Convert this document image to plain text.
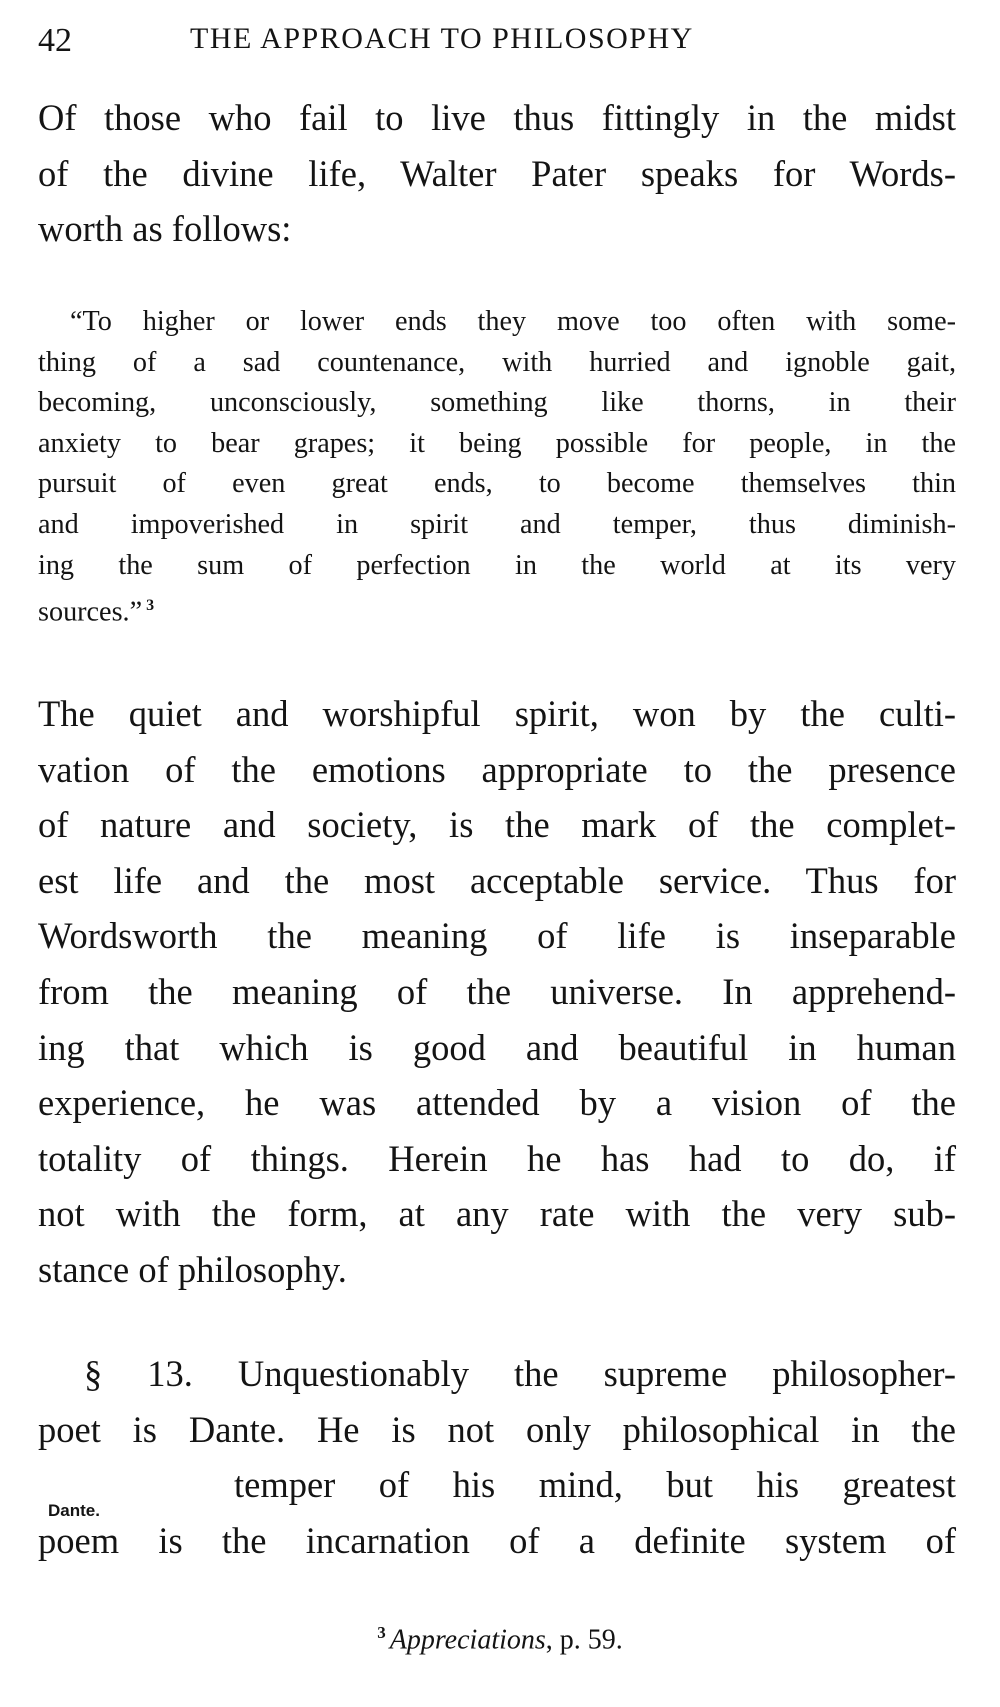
42	THE APPROACH TO PHILOSOPHY
Of those who fail to live thus fittingly in the midst
of the divine life, Walter Pater speaks for Words-
worth as follows:
“To higher or lower ends they move too often with some-
thing of a sad countenance, with hurried and ignoble gait,
becoming, unconsciously, something like thorns, in their
anxiety to bear grapes; it being possible for people, in the
pursuit of even great ends, to become themselves thin
and impoverished in spirit and temper, thus diminish-
ing the sum of perfection in the world at its very
sources.” $^3$
The quiet and worshipful spirit, won by the culti-
vation of the emotions appropriate to the presence
of nature and society, is the mark of the complet-
est life and the most acceptable service. Thus for
Wordsworth the meaning of life is inseparable
from the meaning of the universe. In apprehend-
ing that which is good and beautiful in human
experience, he was attended by a vision of the
totality of things. Herein he has had to do, if
not with the form, at any rate with the very sub-
stance of philosophy.
§ 13. Unquestionably the supreme philosopher-
poet is Dante. He is not only philosophical in the
temper of his mind, but his greatest
poem is the incarnation of a definite system of
Dante.
$^3$ Appreciations, p. 59.
